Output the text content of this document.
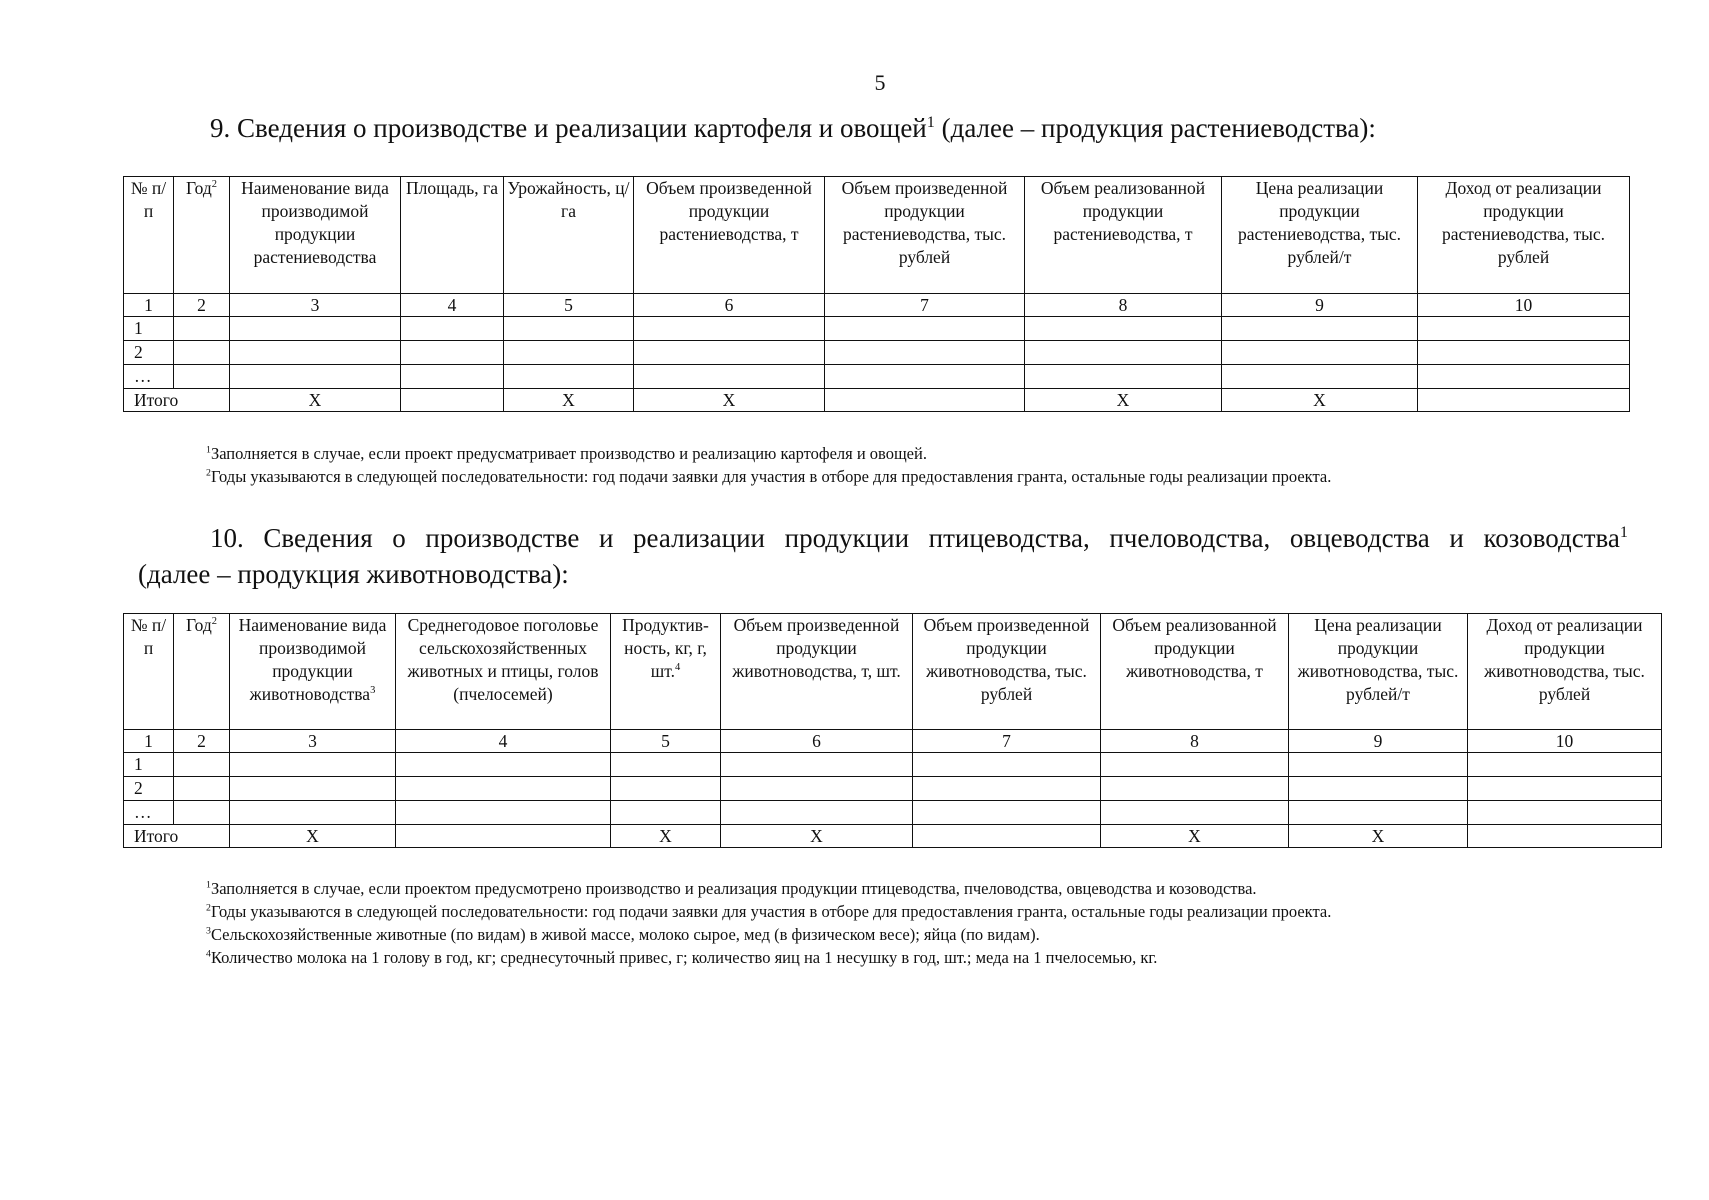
5
9. Сведения о производстве и реализации картофеля и овощей$^1$ (далее – продукция растениеводства):
№ п/п	Год$^2$	Наименование вида производимой продукции растениеводства	Площадь, га	Урожайность, ц/га	Объем произведенной продукции растениеводства, т	Объем произведенной продукции растениеводства, тыс. рублей	Объем реализованной продукции растениеводства, т	Цена реализации продукции растениеводства, тыс. рублей/т	Доход от реализации продукции растениеводства, тыс. рублей
1	2	3	4	5	6	7	8	9	10
1									
2									
…									
Итого		Х		Х	Х		Х	Х	
$^1$Заполняется в случае, если проект предусматривает производство и реализацию картофеля и овощей.
$^2$Годы указываются в следующей последовательности: год подачи заявки для участия в отборе для предоставления гранта, остальные годы реализации проекта.
10. Сведения о производстве и реализации продукции птицеводства, пчеловодства, овцеводства и козоводства$^1$
(далее – продукция животноводства):
№ п/п	Год$^2$	Наименование вида производимой продукции животноводства$^3$	Среднегодовое поголовье сельскохозяйственных животных и птицы, голов (пчелосемей)	Продуктив-ность, кг, г, шт.$^4$	Объем произведенной продукции животноводства, т, шт.	Объем произведенной продукции животноводства, тыс. рублей	Объем реализованной продукции животноводства, т	Цена реализации продукции животноводства, тыс. рублей/т	Доход от реализации продукции животноводства, тыс. рублей
1	2	3	4	5	6	7	8	9	10
1									
2									
…									
Итого		Х		Х	Х		Х	Х	
$^1$Заполняется в случае, если проектом предусмотрено производство и реализация продукции птицеводства, пчеловодства, овцеводства и козоводства.
$^2$Годы указываются в следующей последовательности: год подачи заявки для участия в отборе для предоставления гранта, остальные годы реализации проекта.
$^3$Сельскохозяйственные животные (по видам) в живой массе, молоко сырое, мед (в физическом весе); яйца (по видам).
$^4$Количество молока на 1 голову в год, кг; среднесуточный привес, г; количество яиц на 1 несушку в год, шт.; меда на 1 пчелосемью, кг.
